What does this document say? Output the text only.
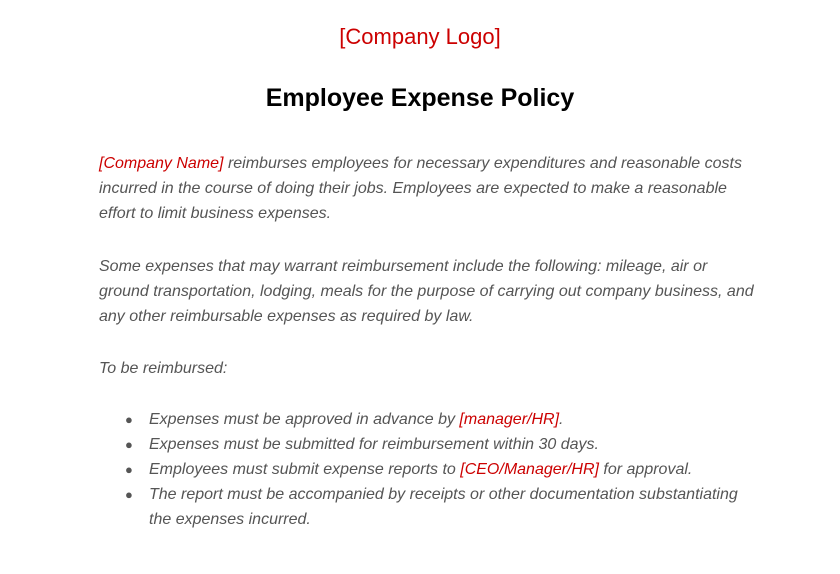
[Company Logo]
Employee Expense Policy

[Company Name] reimburses employees for necessary expenditures and reasonable costs incurred in the course of doing their jobs. Employees are expected to make a reasonable effort to limit business expenses.

Some expenses that may warrant reimbursement include the following: mileage, air or ground transportation, lodging, meals for the purpose of carrying out company business, and any other reimbursable expenses as required by law.

To be reimbursed:

● Expenses must be approved in advance by [manager/HR].
● Expenses must be submitted for reimbursement within 30 days.
● Employees must submit expense reports to [CEO/Manager/HR] for approval.
● The report must be accompanied by receipts or other documentation substantiating the expenses incurred.
